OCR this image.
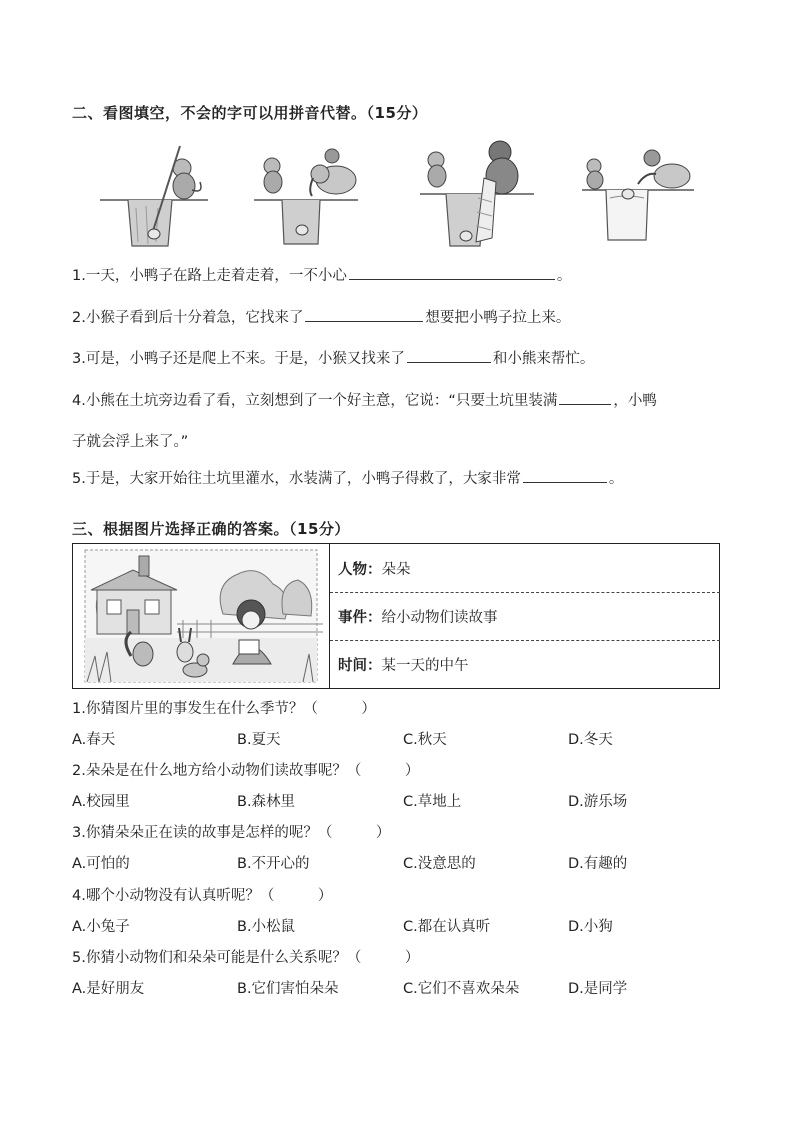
二、看图填空，不会的字可以用拼音代替。（15分）
1.一天，小鸭子在路上走着走着，一不小心	。
2.小猴子看到后十分着急，它找来了	想要把小鸭子拉上来。
3.可是，小鸭子还是爬上不来。于是，小猴又找来了	和小熊来帮忙。
4.小熊在土坑旁边看了看，立刻想到了一个好主意，它说：“只要土坑里装满	，小鸭
子就会浮上来了。”
5.于是，大家开始往土坑里灌水，水装满了，小鸭子得救了，大家非常	。
三、根据图片选择正确的答案。（15分）
人物： 朵朵
事件： 给小动物们读故事
时间： 某一天的中午
1.你猜图片里的事发生在什么季节？（　　　）
A.春天	B.夏天	C.秋天	D.冬天
2.朵朵是在什么地方给小动物们读故事呢？（　　　）
A.校园里	B.森林里	C.草地上	D.游乐场
3.你猜朵朵正在读的故事是怎样的呢？（　　　）
A.可怕的	B.不开心的	C.没意思的	D.有趣的
4.哪个小动物没有认真听呢？（　　　）
A.小兔子	B.小松鼠	C.都在认真听	D.小狗
5.你猜小动物们和朵朵可能是什么关系呢？（　　　）
A.是好朋友	B.它们害怕朵朵	C.它们不喜欢朵朵	D.是同学
